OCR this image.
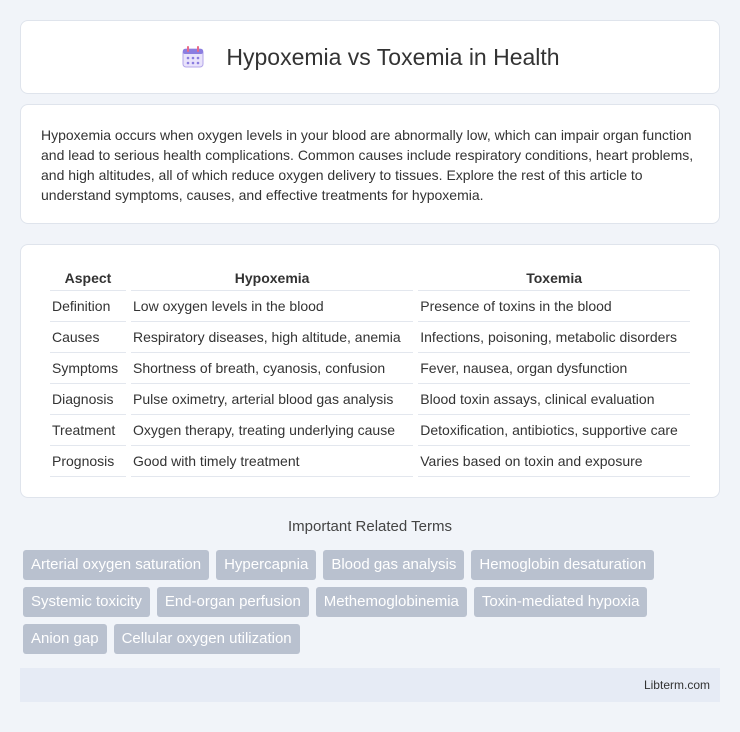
Hypoxemia vs Toxemia in Health

Hypoxemia occurs when oxygen levels in your blood are abnormally low, which can impair organ function and lead to serious health complications. Common causes include respiratory conditions, heart problems, and high altitudes, all of which reduce oxygen delivery to tissues. Explore the rest of this article to understand symptoms, causes, and effective treatments for hypoxemia.

Aspect	Hypoxemia	Toxemia
Definition	Low oxygen levels in the blood	Presence of toxins in the blood
Causes	Respiratory diseases, high altitude, anemia	Infections, poisoning, metabolic disorders
Symptoms	Shortness of breath, cyanosis, confusion	Fever, nausea, organ dysfunction
Diagnosis	Pulse oximetry, arterial blood gas analysis	Blood toxin assays, clinical evaluation
Treatment	Oxygen therapy, treating underlying cause	Detoxification, antibiotics, supportive care
Prognosis	Good with timely treatment	Varies based on toxin and exposure
Important Related Terms
Arterial oxygen saturation	Hypercapnia	Blood gas analysis	Hemoglobin desaturation
Systemic toxicity	End-organ perfusion	Methemoglobinemia	Toxin-mediated hypoxia
Anion gap	Cellular oxygen utilization
Libterm.com
